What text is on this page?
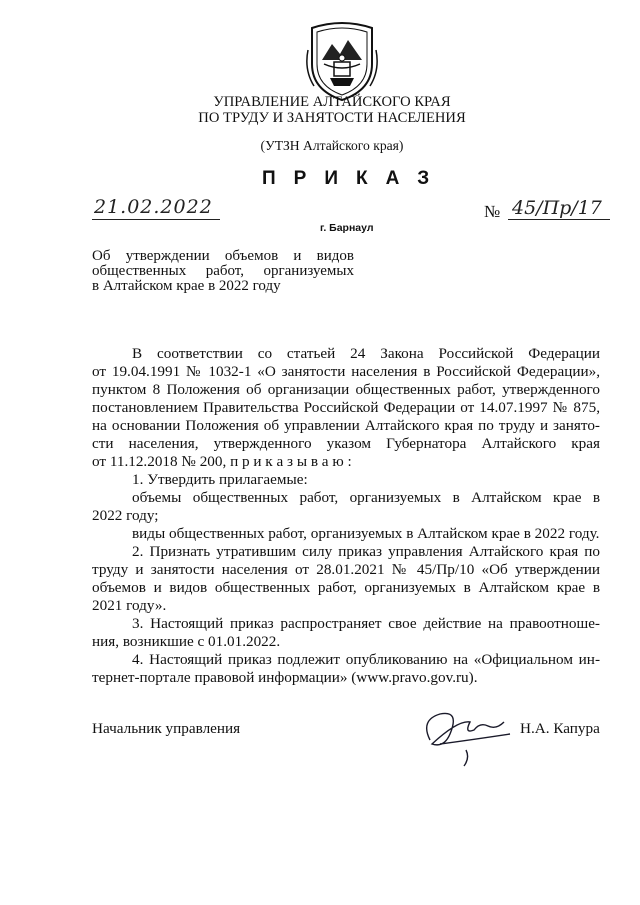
УПРАВЛЕНИЕ АЛТАЙСКОГО КРАЯ
ПО ТРУДУ И ЗАНЯТОСТИ НАСЕЛЕНИЯ
(УТЗН Алтайского края)
ПРИКАЗ
21.02.2022	№ 45/Пр/17
г. Барнаул
Об утверждении объемов и видов
общественных работ, организуемых
в Алтайском крае в 2022 году
В соответствии со статьей 24 Закона Российской Федерации
от 19.04.1991 № 1032-1 «О занятости населения в Российской Федерации»,
пунктом 8 Положения об организации общественных работ, утвержденного
постановлением Правительства Российской Федерации от 14.07.1997 № 875,
на основании Положения об управлении Алтайского края по труду и занято-
сти населения, утвержденного указом Губернатора Алтайского края
от 11.12.2018 № 200, п р и к а з ы в а ю :
1. Утвердить прилагаемые:
объемы общественных работ, организуемых в Алтайском крае в
2022 году;
виды общественных работ, организуемых в Алтайском крае в 2022 году.
2. Признать утратившим силу приказ управления Алтайского края по
труду и занятости населения от 28.01.2021 № 45/Пр/10 «Об утверждении
объемов и видов общественных работ, организуемых в Алтайском крае в
2021 году».
3. Настоящий приказ распространяет свое действие на правоотноше-
ния, возникшие с 01.01.2022.
4. Настоящий приказ подлежит опубликованию на «Официальном ин-
тернет-портале правовой информации» (www.pravo.gov.ru).
Начальник управления	Н.А. Капура
